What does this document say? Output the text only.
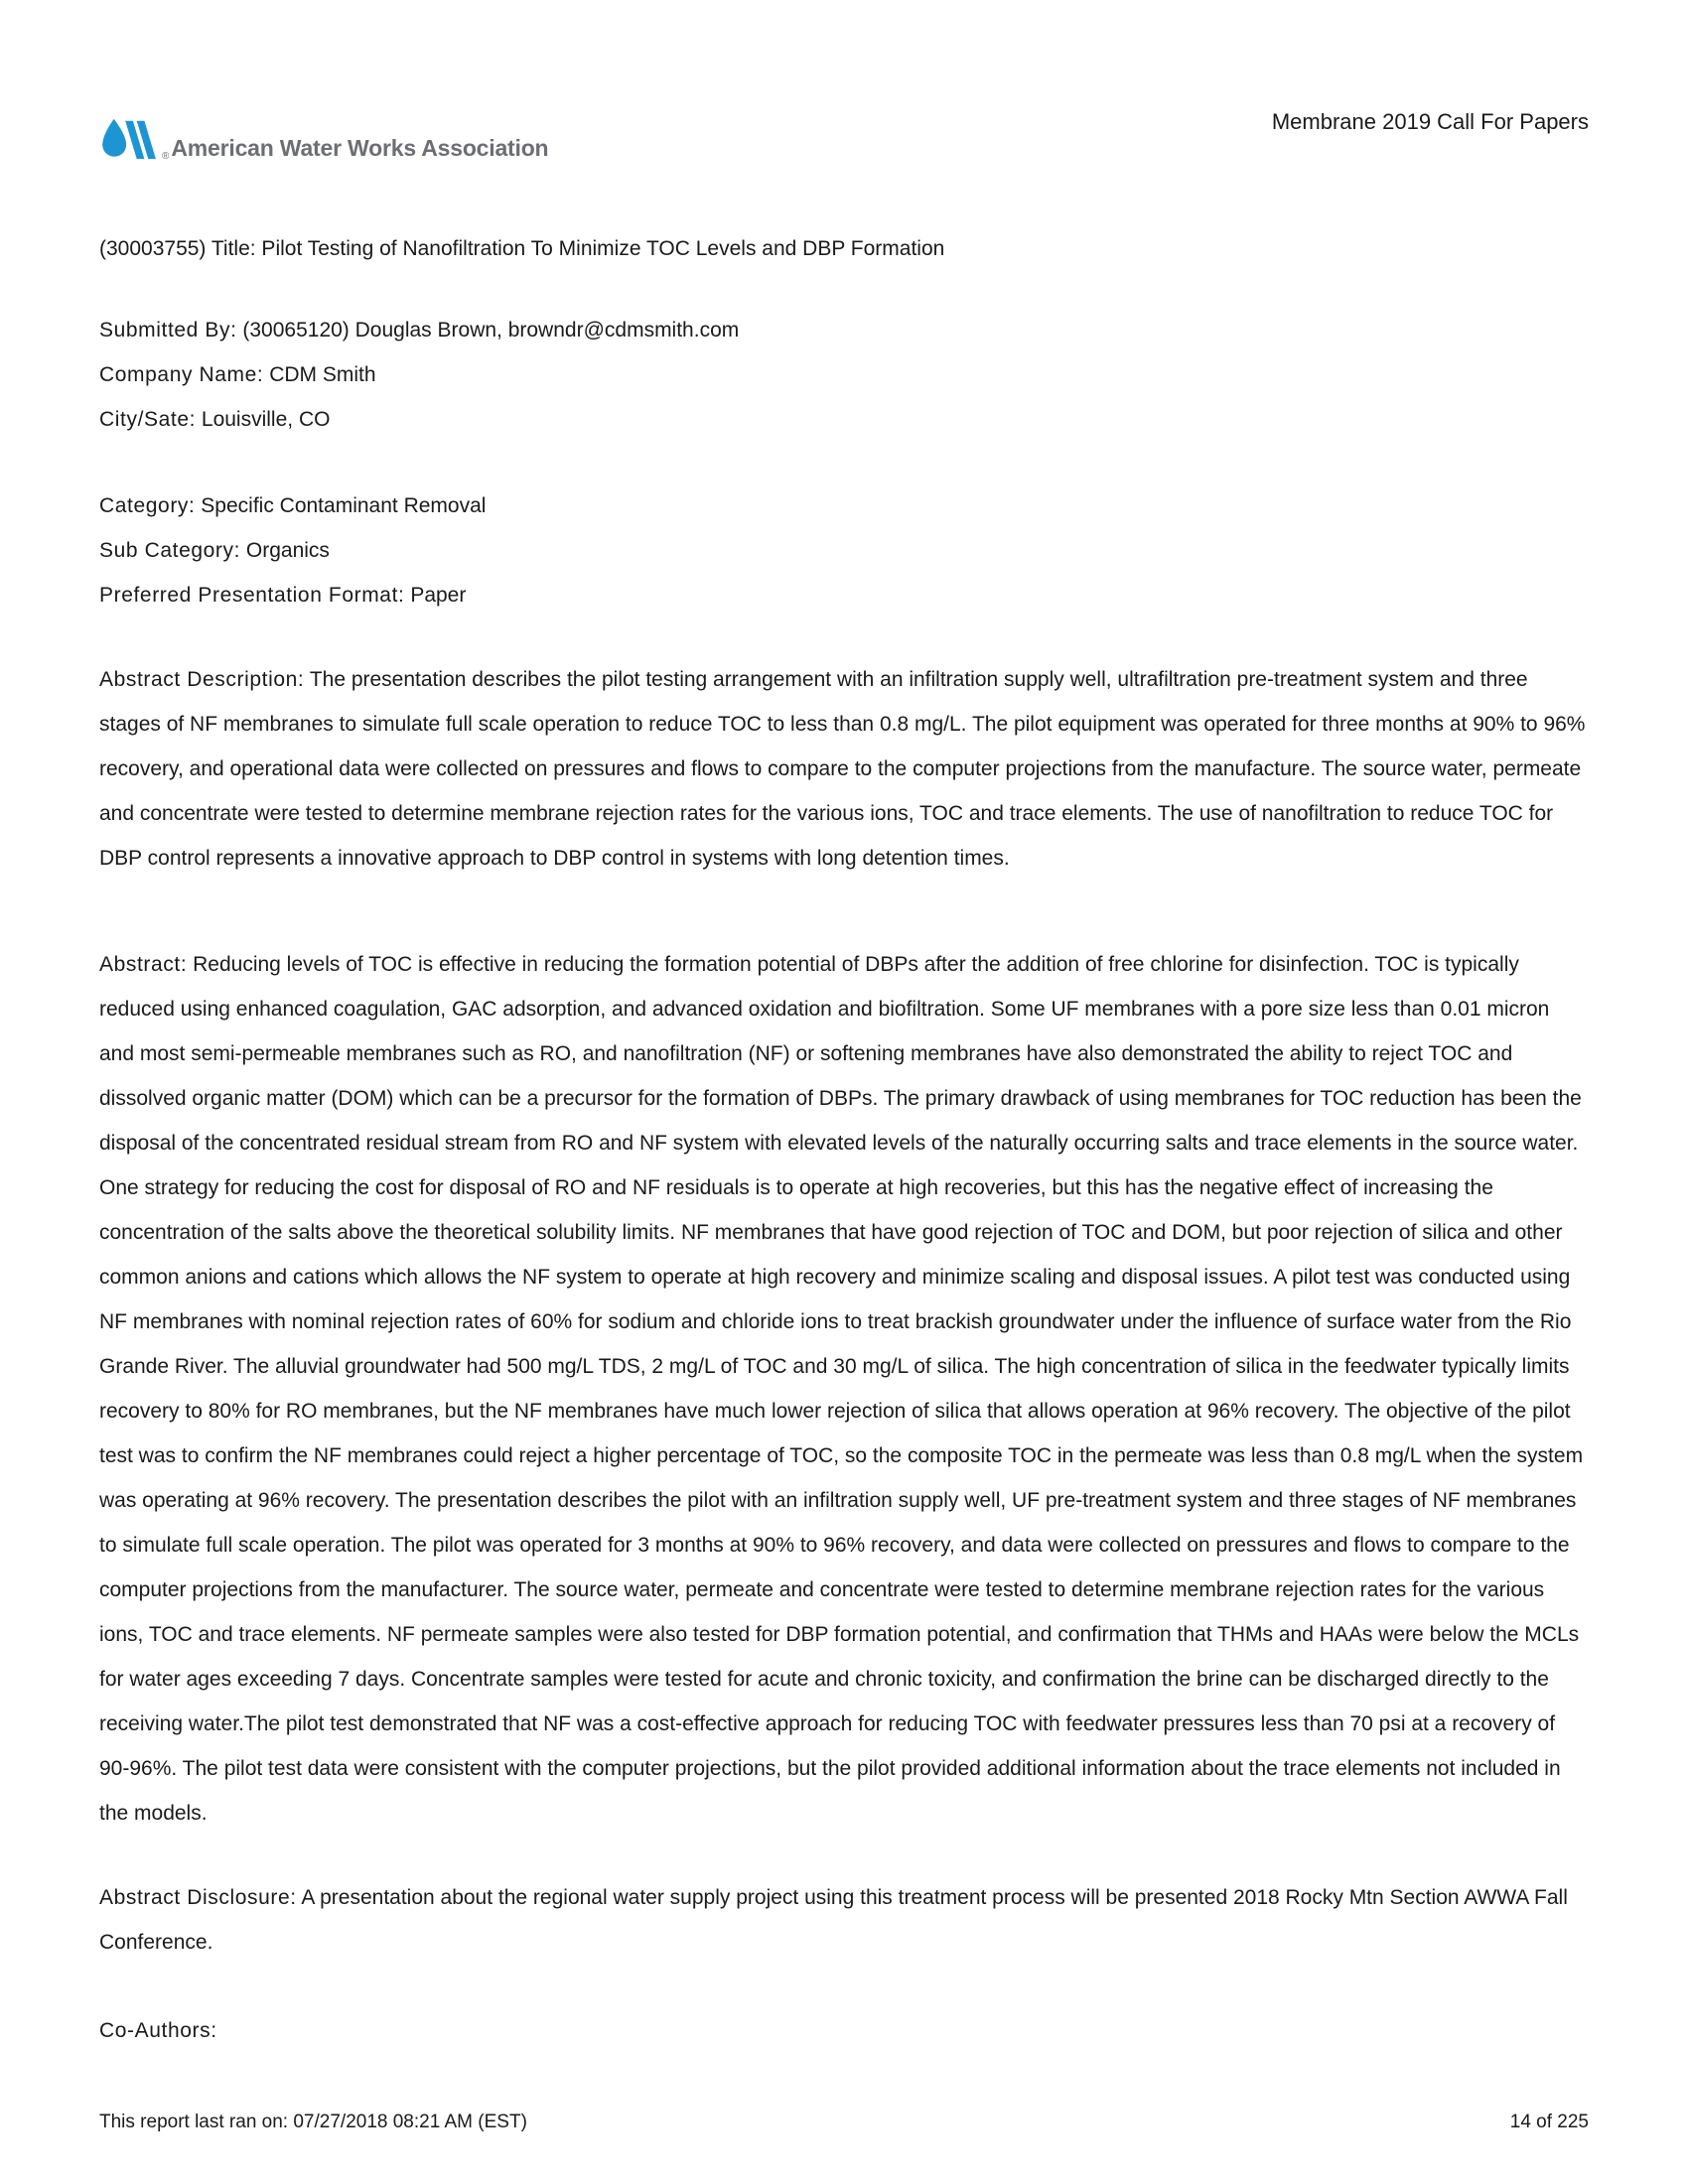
® American Water Works Association
Membrane 2019 Call For Papers

(30003755) Title: Pilot Testing of Nanofiltration To Minimize TOC Levels and DBP Formation

Submitted By: (30065120) Douglas Brown, browndr@cdmsmith.com

Company Name: CDM Smith

City/Sate: Louisville, CO

Category: Specific Contaminant Removal

Sub Category: Organics

Preferred Presentation Format: Paper

Abstract Description: The presentation describes the pilot testing arrangement with an infiltration supply well, ultrafiltration pre-treatment system and three stages of NF membranes to simulate full scale operation to reduce TOC to less than 0.8 mg/L. The pilot equipment was operated for three months at 90% to 96% recovery, and operational data were collected on pressures and flows to compare to the computer projections from the manufacture. The source water, permeate and concentrate were tested to determine membrane rejection rates for the various ions, TOC and trace elements. The use of nanofiltration to reduce TOC for DBP control represents a innovative approach to DBP control in systems with long detention times.

Abstract: Reducing levels of TOC is effective in reducing the formation potential of DBPs after the addition of free chlorine for disinfection. TOC is typically reduced using enhanced coagulation, GAC adsorption, and advanced oxidation and biofiltration. Some UF membranes with a pore size less than 0.01 micron and most semi-permeable membranes such as RO, and nanofiltration (NF) or softening membranes have also demonstrated the ability to reject TOC and dissolved organic matter (DOM) which can be a precursor for the formation of DBPs. The primary drawback of using membranes for TOC reduction has been the disposal of the concentrated residual stream from RO and NF system with elevated levels of the naturally occurring salts and trace elements in the source water. One strategy for reducing the cost for disposal of RO and NF residuals is to operate at high recoveries, but this has the negative effect of increasing the concentration of the salts above the theoretical solubility limits. NF membranes that have good rejection of TOC and DOM, but poor rejection of silica and other common anions and cations which allows the NF system to operate at high recovery and minimize scaling and disposal issues. A pilot test was conducted using NF membranes with nominal rejection rates of 60% for sodium and chloride ions to treat brackish groundwater under the influence of surface water from the Rio Grande River. The alluvial groundwater had 500 mg/L TDS, 2 mg/L of TOC and 30 mg/L of silica. The high concentration of silica in the feedwater typically limits recovery to 80% for RO membranes, but the NF membranes have much lower rejection of silica that allows operation at 96% recovery. The objective of the pilot test was to confirm the NF membranes could reject a higher percentage of TOC, so the composite TOC in the permeate was less than 0.8 mg/L when the system was operating at 96% recovery. The presentation describes the pilot with an infiltration supply well, UF pre-treatment system and three stages of NF membranes to simulate full scale operation. The pilot was operated for 3 months at 90% to 96% recovery, and data were collected on pressures and flows to compare to the computer projections from the manufacturer. The source water, permeate and concentrate were tested to determine membrane rejection rates for the various ions, TOC and trace elements. NF permeate samples were also tested for DBP formation potential, and confirmation that THMs and HAAs were below the MCLs for water ages exceeding 7 days. Concentrate samples were tested for acute and chronic toxicity, and confirmation the brine can be discharged directly to the receiving water.The pilot test demonstrated that NF was a cost-effective approach for reducing TOC with feedwater pressures less than 70 psi at a recovery of 90-96%. The pilot test data were consistent with the computer projections, but the pilot provided additional information about the trace elements not included in the models.

Abstract Disclosure: A presentation about the regional water supply project using this treatment process will be presented 2018 Rocky Mtn Section AWWA Fall Conference.

Co-Authors:

This report last ran on: 07/27/2018 08:21 AM (EST)	14 of 225
